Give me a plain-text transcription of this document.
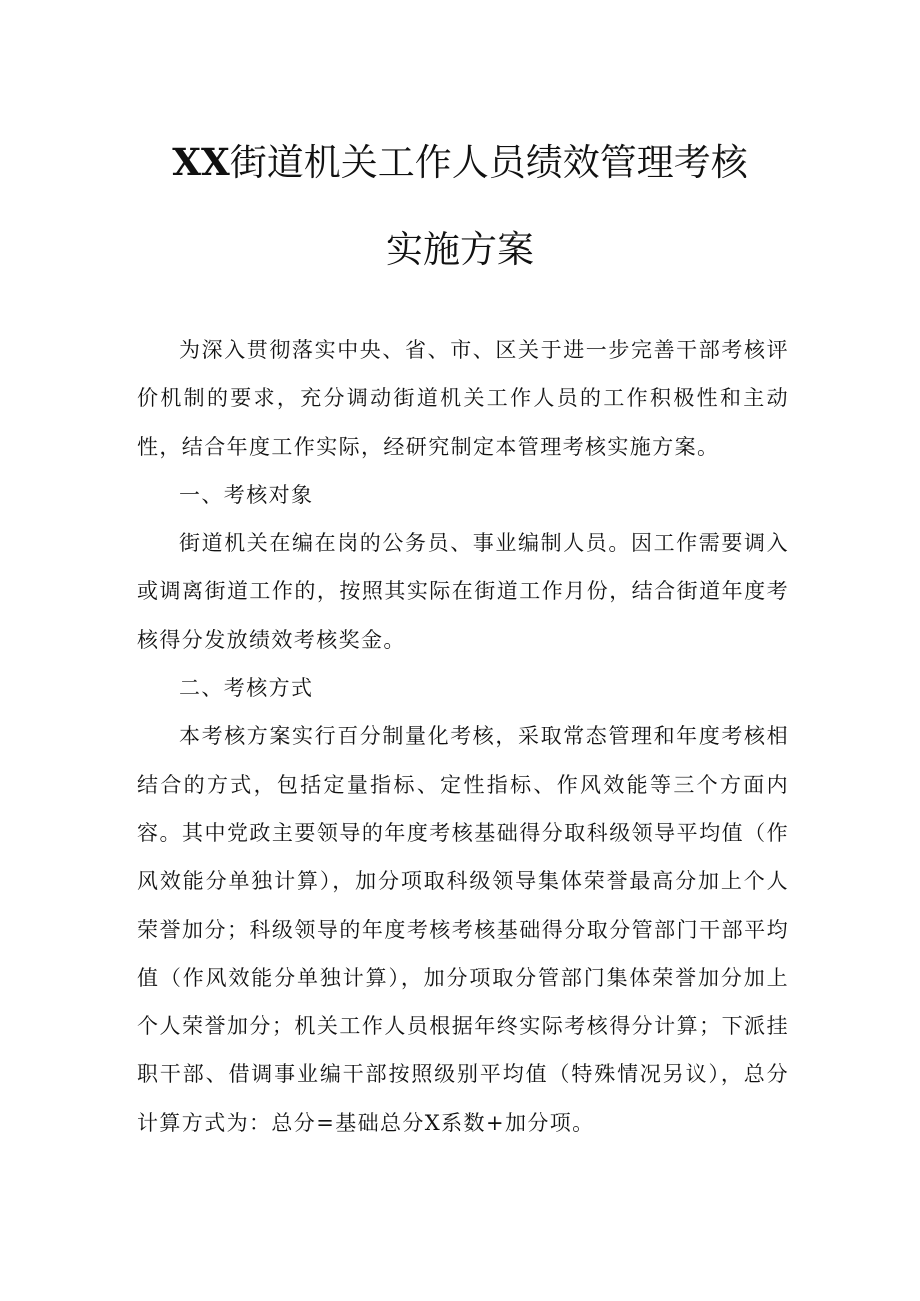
XX街道机关工作人员绩效管理考核
实施方案

为深入贯彻落实中央、省、市、区关于进一步完善干部考核评价机制的要求，充分调动街道机关工作人员的工作积极性和主动性，结合年度工作实际，经研究制定本管理考核实施方案。

一、考核对象

街道机关在编在岗的公务员、事业编制人员。因工作需要调入或调离街道工作的，按照其实际在街道工作月份，结合街道年度考核得分发放绩效考核奖金。

二、考核方式

本考核方案实行百分制量化考核，采取常态管理和年度考核相结合的方式，包括定量指标、定性指标、作风效能等三个方面内容。其中党政主要领导的年度考核基础得分取科级领导平均值（作风效能分单独计算），加分项取科级领导集体荣誉最高分加上个人荣誉加分；科级领导的年度考核考核基础得分取分管部门干部平均值（作风效能分单独计算），加分项取分管部门集体荣誉加分加上个人荣誉加分；机关工作人员根据年终实际考核得分计算；下派挂职干部、借调事业编干部按照级别平均值（特殊情况另议），总分计算方式为：总分=基础总分X系数+加分项。
